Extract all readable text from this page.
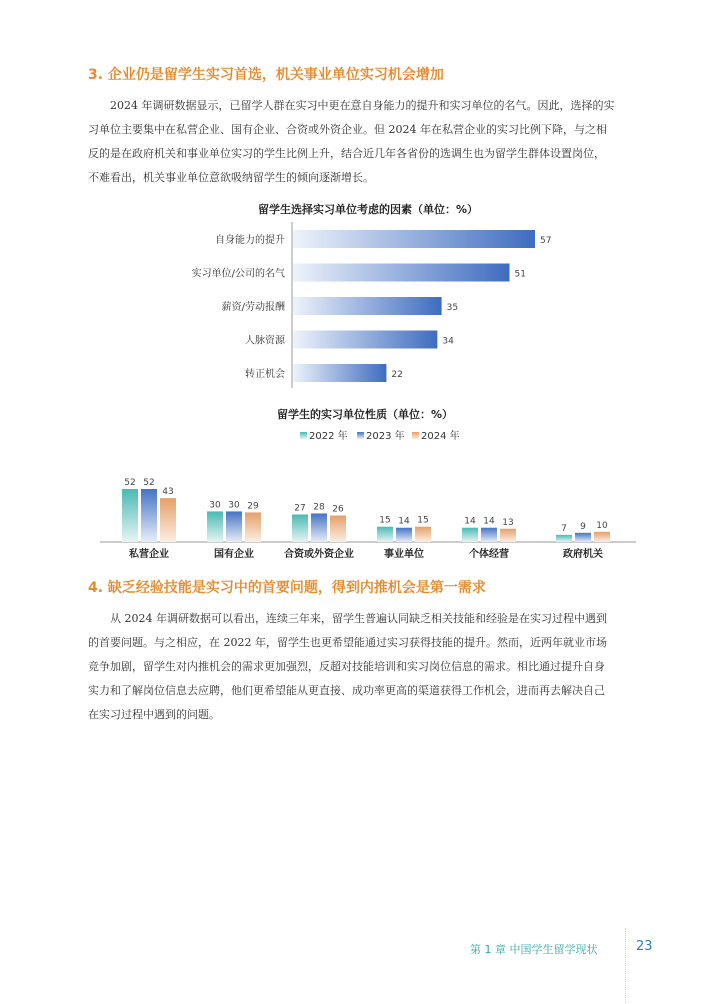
3. 企业仍是留学生实习首选，机关事业单位实习机会增加
2024 年调研数据显示，已留学人群在实习中更在意自身能力的提升和实习单位的名气。因此，选择的实
习单位主要集中在私营企业、国有企业、合资或外资企业。但 2024 年在私营企业的实习比例下降，与之相
反的是在政府机关和事业单位实习的学生比例上升，结合近几年各省份的选调生也为留学生群体设置岗位，
不难看出，机关事业单位意欲吸纳留学生的倾向逐渐增长。
留学生选择实习单位考虑的因素（单位：%）
自身能力的提升	57
实习单位/公司的名气	51
薪资/劳动报酬	35
人脉资源	34
转正机会	22
留学生的实习单位性质（单位：%）
2022 年 2023 年 2024 年
52 52
43
私营企业
30 30 29
国有企业
27 28 26
合资或外资企业
15 14 15
事业单位
14 14 13
个体经营
7 9 10
政府机关
4. 缺乏经验技能是实习中的首要问题，得到内推机会是第一需求
从 2024 年调研数据可以看出，连续三年来，留学生普遍认同缺乏相关技能和经验是在实习过程中遇到
的首要问题。与之相应，在 2022 年，留学生也更希望能通过实习获得技能的提升。然而，近两年就业市场
竞争加剧，留学生对内推机会的需求更加强烈，反超对技能培训和实习岗位信息的需求。相比通过提升自身
实力和了解岗位信息去应聘，他们更希望能从更直接、成功率更高的渠道获得工作机会，进而再去解决自己
在实习过程中遇到的问题。
第 1 章 中国学生留学现状	23
